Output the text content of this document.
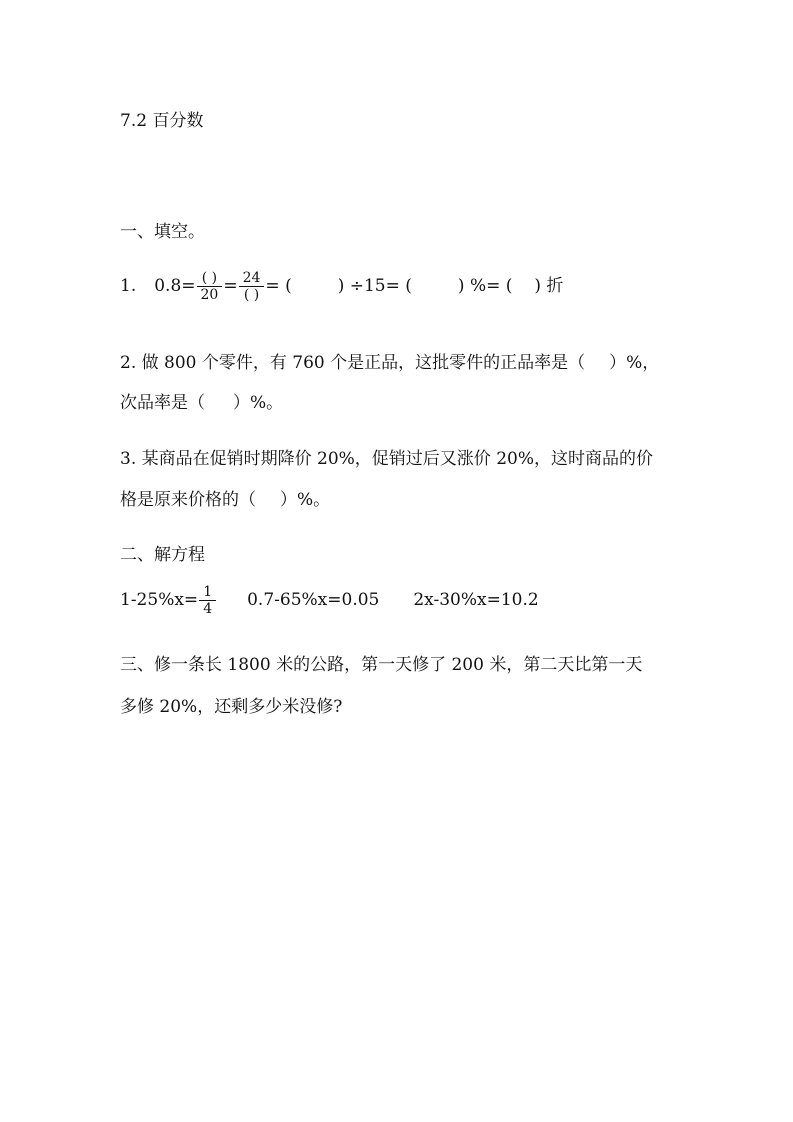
7.2 百分数
一、填空。
1. $0.8= \frac{( )}{20} = \frac{24}{( )}$ = (	) ÷15= (	) %= ( ) 折
2. 做 800 个零件，有 760 个是正品，这批零件的正品率是（ ）%，
次品率是（ ）%。
3. 某商品在促销时期降价 20%，促销过后又涨价 20%，这时商品的价
格是原来价格的（ ）%。
二、解方程
$1-25\%x= \frac{1}{4} 0.7-65\%x=0.05$ 2x-30%x=10.2
三、修一条长 1800 米的公路，第一天修了 200 米，第二天比第一天
多修 20%，还剩多少米没修?
